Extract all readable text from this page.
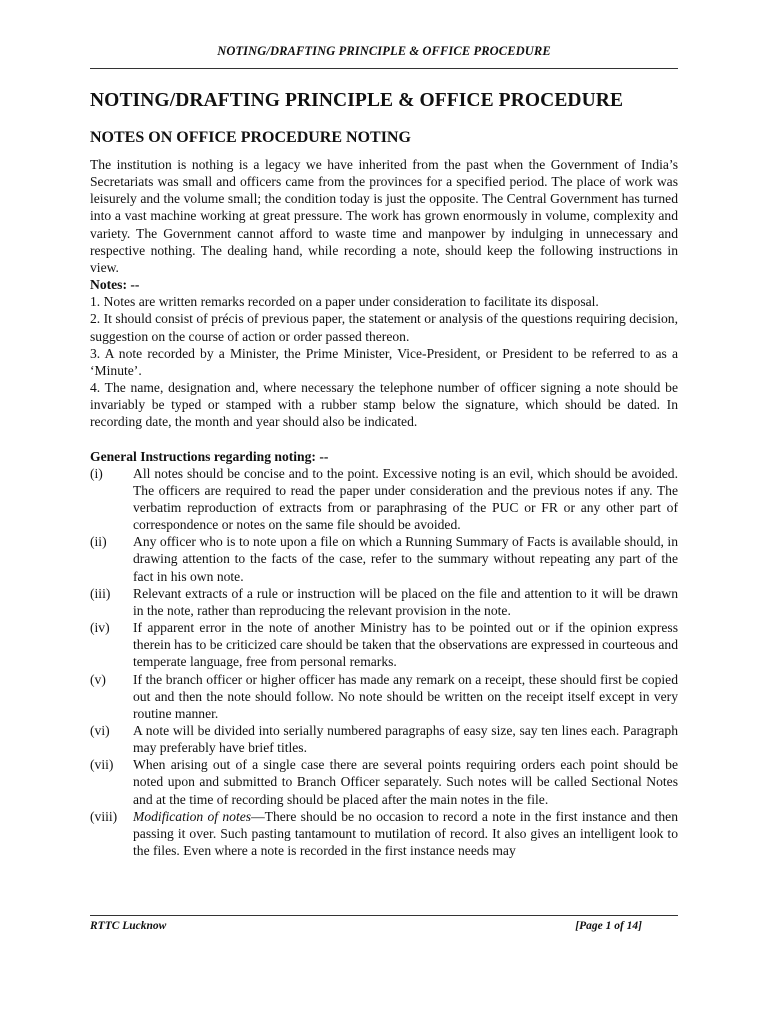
NOTING/DRAFTING PRINCIPLE & OFFICE PROCEDURE
NOTING/DRAFTING PRINCIPLE & OFFICE PROCEDURE
NOTES ON OFFICE PROCEDURE NOTING

The institution is nothing is a legacy we have inherited from the past when the Government of India’s Secretariats was small and officers came from the provinces for a specified period. The place of work was leisurely and the volume small; the condition today is just the opposite. The Central Government has turned into a vast machine working at great pressure. The work has grown enormously in volume, complexity and variety. The Government cannot afford to waste time and manpower by indulging in unnecessary and respective nothing. The dealing hand, while recording a note, should keep the following instructions in view.

Notes: --

1. Notes are written remarks recorded on a paper under consideration to facilitate its disposal.

2. It should consist of précis of previous paper, the statement or analysis of the questions requiring decision, suggestion on the course of action or order passed thereon.

3. A note recorded by a Minister, the Prime Minister, Vice-President, or President to be referred to as a ‘Minute’.

4. The name, designation and, where necessary the telephone number of officer signing a note should be invariably be typed or stamped with a rubber stamp below the signature, which should be dated. In recording date, the month and year should also be indicated.

General Instructions regarding noting: --

(i)	All notes should be concise and to the point. Excessive noting is an evil, which should be avoided. The officers are required to read the paper under consideration and the previous notes if any. The verbatim reproduction of extracts from or paraphrasing of the PUC or FR or any other part of correspondence or notes on the same file should be avoided.
(ii)	Any officer who is to note upon a file on which a Running Summary of Facts is available should, in drawing attention to the facts of the case, refer to the summary without repeating any part of the fact in his own note.
(iii)	Relevant extracts of a rule or instruction will be placed on the file and attention to it will be drawn in the note, rather than reproducing the relevant provision in the note.
(iv)	If apparent error in the note of another Ministry has to be pointed out or if the opinion express therein has to be criticized care should be taken that the observations are expressed in courteous and temperate language, free from personal remarks.
(v)	If the branch officer or higher officer has made any remark on a receipt, these should first be copied out and then the note should follow. No note should be written on the receipt itself except in very routine manner.
(vi)	A note will be divided into serially numbered paragraphs of easy size, say ten lines each. Paragraph may preferably have brief titles.
(vii)	When arising out of a single case there are several points requiring orders each point should be noted upon and submitted to Branch Officer separately. Such notes will be called Sectional Notes and at the time of recording should be placed after the main notes in the file.
(viii)	Modification of notes—There should be no occasion to record a note in the first instance and then passing it over. Such pasting tantamount to mutilation of record. It also gives an intelligent look to the files. Even where a note is recorded in the first instance needs may
RTTC Lucknow	[Page 1 of 14]
